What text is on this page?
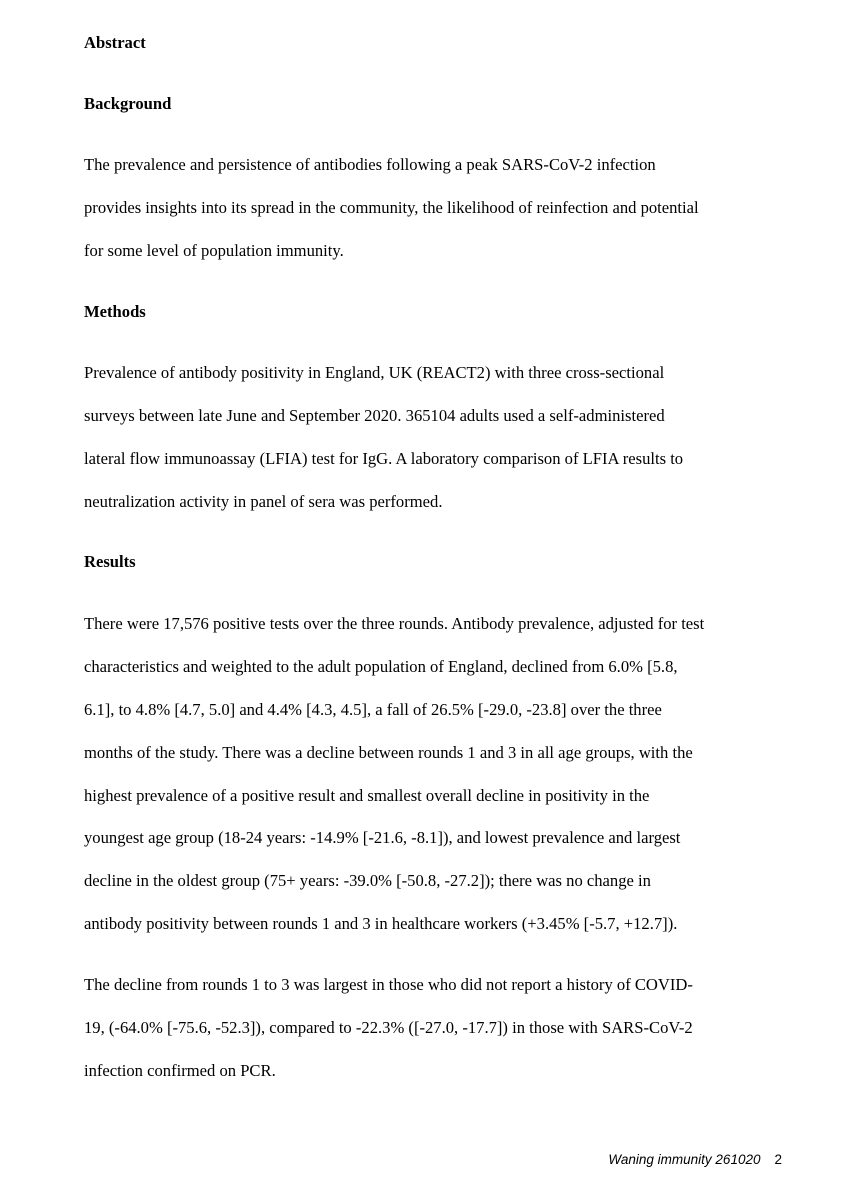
Abstract
Background
The prevalence and persistence of antibodies following a peak SARS-CoV-2 infection
provides insights into its spread in the community, the likelihood of reinfection and potential
for some level of population immunity.
Methods
Prevalence of antibody positivity in England, UK (REACT2) with three cross-sectional
surveys between late June and September 2020. 365104 adults used a self-administered
lateral flow immunoassay (LFIA) test for IgG. A laboratory comparison of LFIA results to
neutralization activity in panel of sera was performed.
Results
There were 17,576 positive tests over the three rounds. Antibody prevalence, adjusted for test
characteristics and weighted to the adult population of England, declined from 6.0% [5.8,
6.1], to 4.8% [4.7, 5.0] and 4.4% [4.3, 4.5], a fall of 26.5% [-29.0, -23.8] over the three
months of the study. There was a decline between rounds 1 and 3 in all age groups, with the
highest prevalence of a positive result and smallest overall decline in positivity in the
youngest age group (18-24 years: -14.9% [-21.6, -8.1]), and lowest prevalence and largest
decline in the oldest group (75+ years: -39.0% [-50.8, -27.2]); there was no change in
antibody positivity between rounds 1 and 3 in healthcare workers (+3.45% [-5.7, +12.7]).
The decline from rounds 1 to 3 was largest in those who did not report a history of COVID-
19, (-64.0% [-75.6, -52.3]), compared to -22.3% ([-27.0, -17.7]) in those with SARS-CoV-2
infection confirmed on PCR.
Waning immunity 261020 2
